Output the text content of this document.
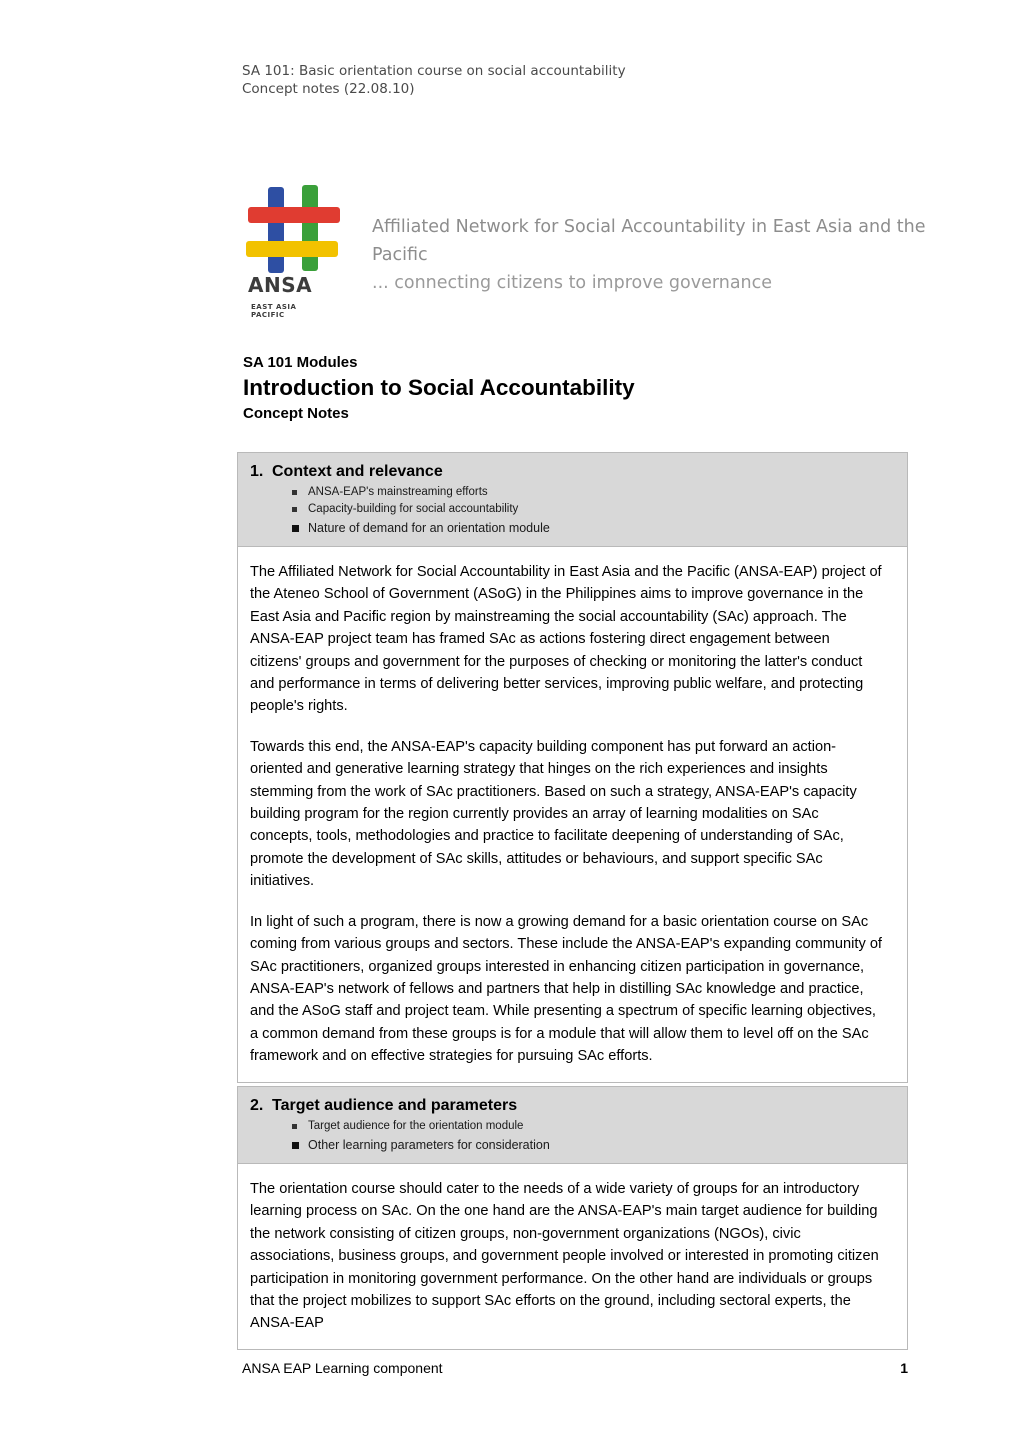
SA 101: Basic orientation course on social accountability
Concept notes (22.08.10)
ANSAEAST ASIA
PACIFIC
Affiliated Network for Social Accountability in East Asia and the Pacific
... connecting citizens to improve governance
SA 101 Modules
Introduction to Social Accountability
Concept Notes
1. Context and relevance
ANSA-EAP's mainstreaming efforts
Capacity-building for social accountability
Nature of demand for an orientation module

The Affiliated Network for Social Accountability in East Asia and the Pacific (ANSA-EAP) project of the Ateneo School of Government (ASoG) in the Philippines aims to improve governance in the East Asia and Pacific region by mainstreaming the social accountability (SAc) approach. The ANSA-EAP project team has framed SAc as actions fostering direct engagement between citizens' groups and government for the purposes of checking or monitoring the latter's conduct and performance in terms of delivering better services, improving public welfare, and protecting people's rights.

Towards this end, the ANSA-EAP's capacity building component has put forward an action-oriented and generative learning strategy that hinges on the rich experiences and insights stemming from the work of SAc practitioners. Based on such a strategy, ANSA-EAP's capacity building program for the region currently provides an array of learning modalities on SAc concepts, tools, methodologies and practice to facilitate deepening of understanding of SAc, promote the development of SAc skills, attitudes or behaviours, and support specific SAc initiatives.

In light of such a program, there is now a growing demand for a basic orientation course on SAc coming from various groups and sectors. These include the ANSA-EAP's expanding community of SAc practitioners, organized groups interested in enhancing citizen participation in governance, ANSA-EAP's network of fellows and partners that help in distilling SAc knowledge and practice, and the ASoG staff and project team. While presenting a spectrum of specific learning objectives, a common demand from these groups is for a module that will allow them to level off on the SAc framework and on effective strategies for pursuing SAc efforts.

2. Target audience and parameters
Target audience for the orientation module
Other learning parameters for consideration

The orientation course should cater to the needs of a wide variety of groups for an introductory learning process on SAc. On the one hand are the ANSA-EAP's main target audience for building the network consisting of citizen groups, non-government organizations (NGOs), civic associations, business groups, and government people involved or interested in promoting citizen participation in monitoring government performance. On the other hand are individuals or groups that the project mobilizes to support SAc efforts on the ground, including sectoral experts, the ANSA-EAP

ANSA EAP Learning component	1
